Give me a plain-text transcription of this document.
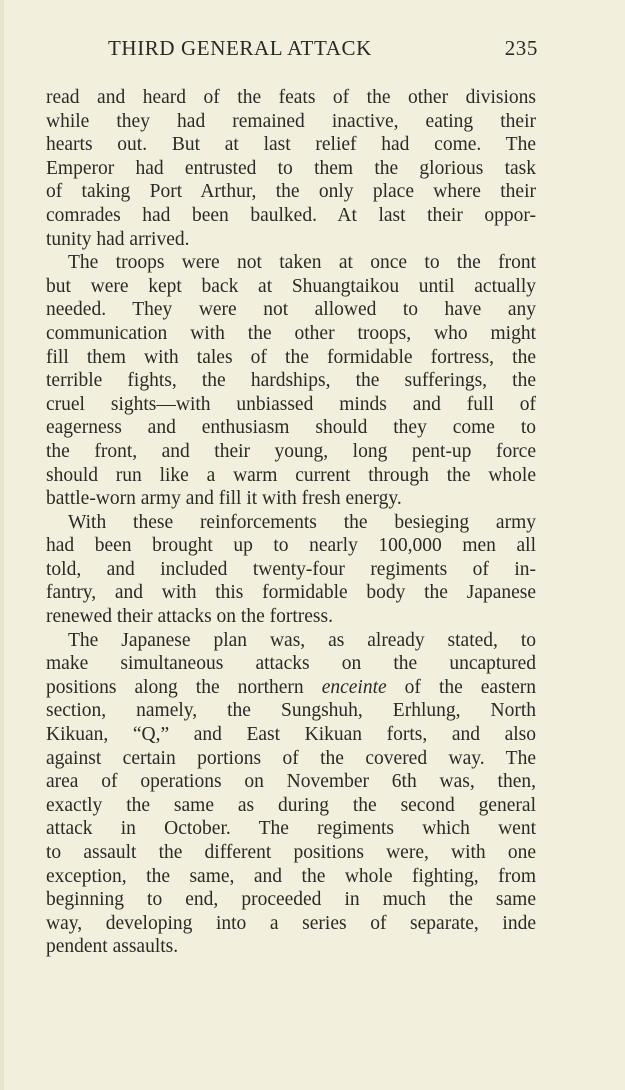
THIRD GENERAL ATTACK	235
read and heard of the feats of the other divisions
while they had remained inactive, eating their
hearts out. But at last relief had come. The
Emperor had entrusted to them the glorious task
of taking Port Arthur, the only place where their
comrades had been baulked. At last their oppor-
tunity had arrived.
The troops were not taken at once to the front
but were kept back at Shuangtaikou until actually
needed. They were not allowed to have any
communication with the other troops, who might
fill them with tales of the formidable fortress, the
terrible fights, the hardships, the sufferings, the
cruel sights—with unbiassed minds and full of
eagerness and enthusiasm should they come to
the front, and their young, long pent-up force
should run like a warm current through the whole
battle-worn army and fill it with fresh energy.
With these reinforcements the besieging army
had been brought up to nearly 100,000 men all
told, and included twenty-four regiments of in-
fantry, and with this formidable body the Japanese
renewed their attacks on the fortress.
The Japanese plan was, as already stated, to
make simultaneous attacks on the uncaptured
positions along the northern enceinte of the eastern
section, namely, the Sungshuh, Erhlung, North
Kikuan, “Q,” and East Kikuan forts, and also
against certain portions of the covered way. The
area of operations on November 6th was, then,
exactly the same as during the second general
attack in October. The regiments which went
to assault the different positions were, with one
exception, the same, and the whole fighting, from
beginning to end, proceeded in much the same
way, developing into a series of separate, inde
pendent assaults.
